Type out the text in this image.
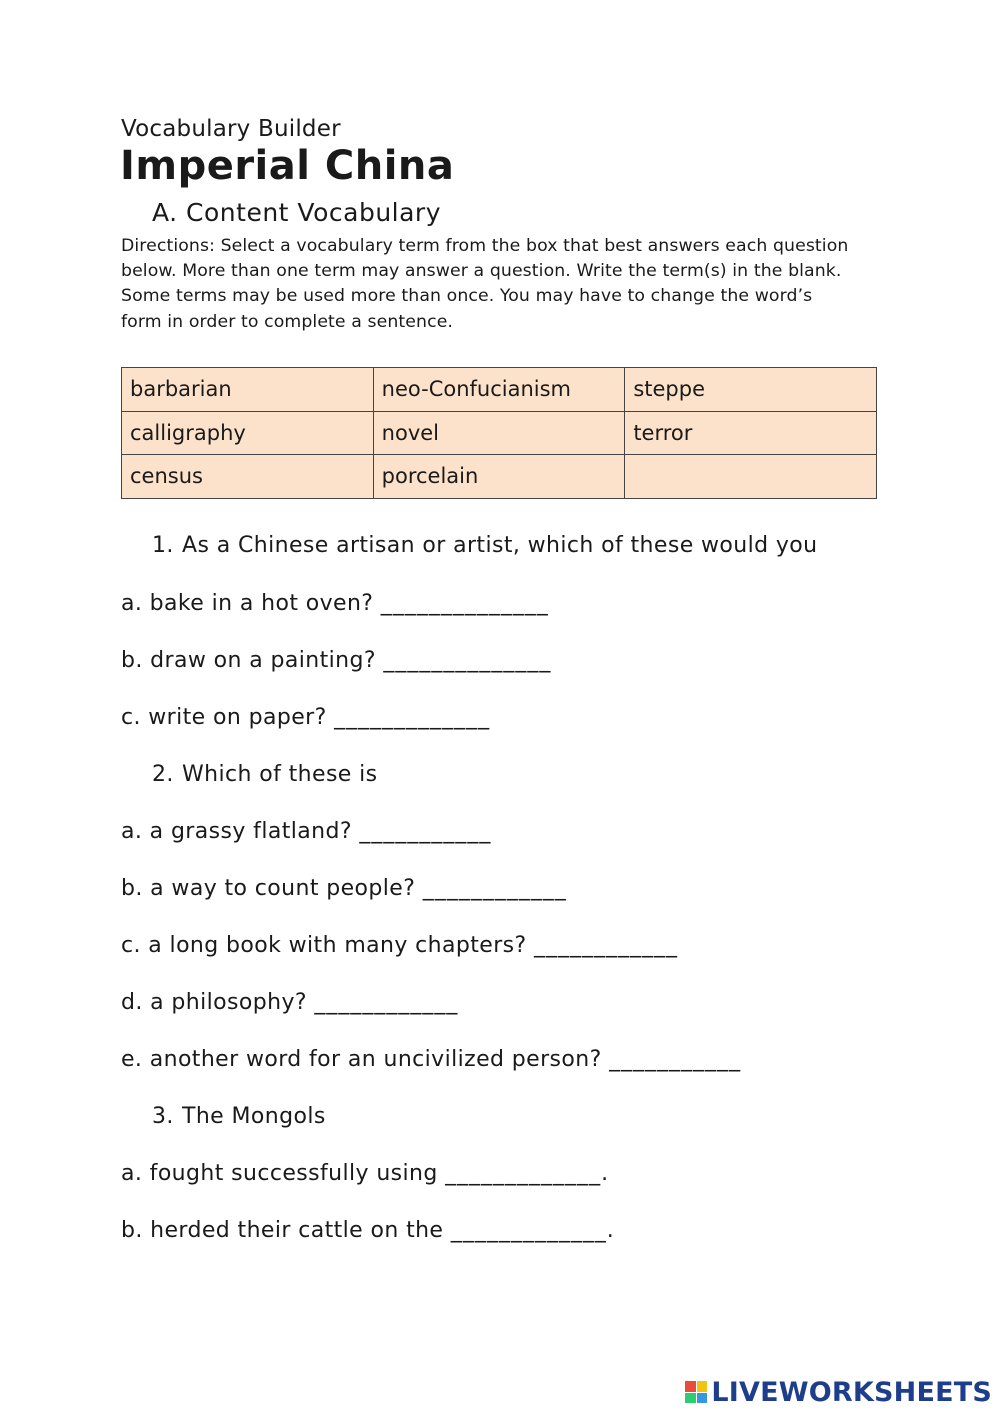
Vocabulary Builder
Imperial China
A. Content Vocabulary
Directions: Select a vocabulary term from the box that best answers each question below. More than one term may answer a question. Write the term(s) in the blank. Some terms may be used more than once. You may have to change the word’s form in order to complete a sentence.
barbarian	neo-Confucianism	steppe
calligraphy	novel	terror
census	porcelain	
1. As a Chinese artisan or artist, which of these would you
a. bake in a hot oven? ______________
b. draw on a painting? ______________
c. write on paper? _____________
2. Which of these is
a. a grassy flatland? ___________
b. a way to count people? ____________
c. a long book with many chapters? ____________
d. a philosophy? ____________
e. another word for an uncivilized person? ___________
3. The Mongols
a. fought successfully using _____________.
b. herded their cattle on the _____________.
LIVEWORKSHEETS
